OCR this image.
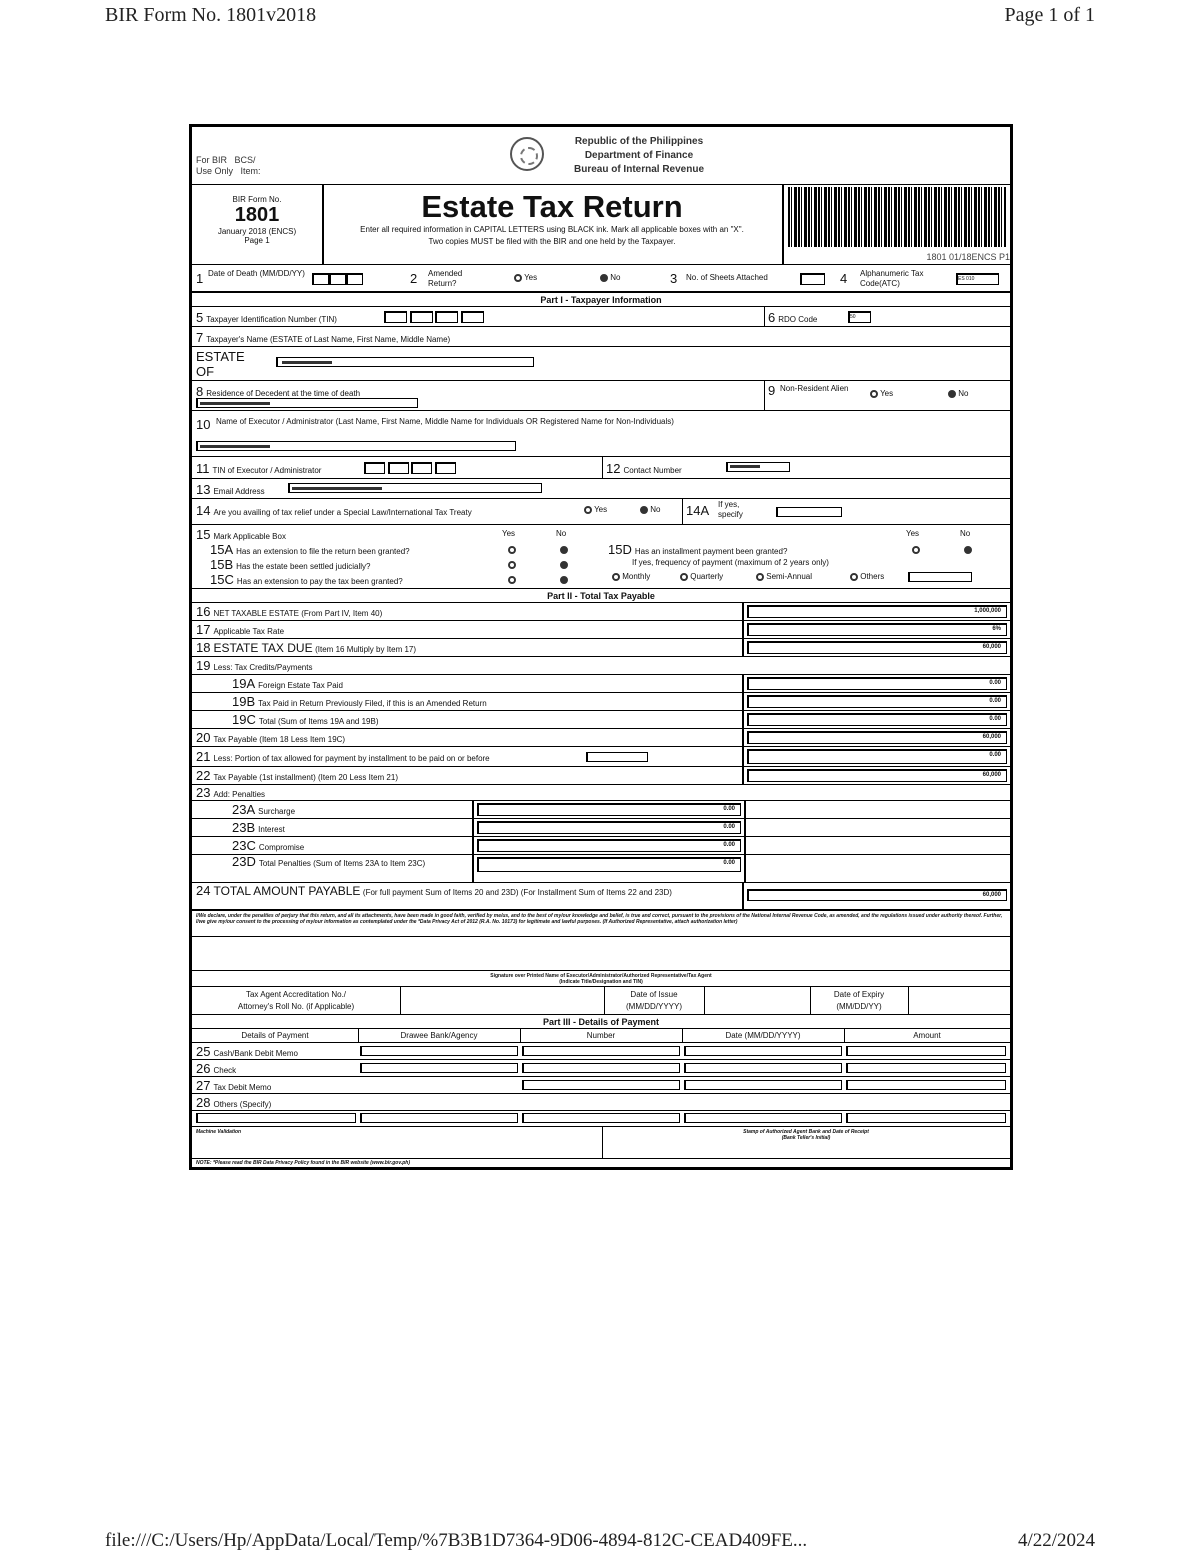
BIR Form No. 1801v2018	Page 1 of 1
For BIR BCS/
Use Only Item:
Republic of the Philippines
Department of Finance
Bureau of Internal Revenue
BIR Form No.
1801
January 2018 (ENCS)
Page 1
Estate Tax Return
Enter all required information in CAPITAL LETTERS using BLACK ink. Mark all applicable boxes with an "X".
Two copies MUST be filed with the BIR and one held by the Taxpayer.
1801 01/18ENCS P1
1 Date of Death (MM/DD/YY)	2	Amended Return?
Yes	No	3	No. of Sheets Attached	4	Alphanumeric Tax Code(ATC)	ES 010
Part I - Taxpayer Information
5 Taxpayer Identification Number (TIN)
	6 RDO Code	50
7 Taxpayer's Name (ESTATE of Last Name, First Name, Middle Name)
ESTATE
OF
8 Residence of Decedent at the time of death	9 Non-Resident Alien
Yes	No
10 Name of Executor / Administrator (Last Name, First Name, Middle Name for Individuals OR Registered Name for Non-Individuals)
11 TIN of Executor / Administrator
	12 Contact Number
13 Email Address
14 Are you availing of tax relief under a Special Law/International Tax Treaty	Yes	No 14A	If yes, specify
15 Mark Applicable Box	Yes	No	Yes	No
15A Has an extension to file the return been granted?
15B Has the estate been settled judicially?
15C Has an extension to pay the tax been granted?
15D Has an installment payment been granted?
If yes, frequency of payment (maximum of 2 years only)
Monthly	Quarterly	Semi-Annual	Others
Part II - Total Tax Payable
16 NET TAXABLE ESTATE (From Part IV, Item 40)	1,000,000
17 Applicable Tax Rate	6%
18 ESTATE TAX DUE (Item 16 Multiply by Item 17)	60,000
19 Less: Tax Credits/Payments
19A Foreign Estate Tax Paid	0.00
19B Tax Paid in Return Previously Filed, if this is an Amended Return	0.00
19C Total (Sum of Items 19A and 19B)	0.00
20 Tax Payable (Item 18 Less Item 19C)	60,000
21 Less: Portion of tax allowed for payment by installment to be paid on or before	0.00
22 Tax Payable (1st installment) (Item 20 Less Item 21)	60,000
23 Add: Penalties
23A Surcharge	0.00
23B Interest	0.00
23C Compromise	0.00
23D Total Penalties (Sum of Items 23A to Item 23C)	0.00
24 TOTAL AMOUNT PAYABLE (For full payment Sum of Items 20 and 23D) (For Installment Sum of Items 22 and 23D)	60,000
I/We declare, under the penalties of perjury that this return, and all its attachments, have been made in good faith, verified by me/us, and to the best of my/our knowledge and belief, is true and correct, pursuant to the provisions of the National Internal Revenue Code, as amended, and the regulations issued under authority thereof. Further, I/we give my/our consent to the processing of my/our information as contemplated under the *Data Privacy Act of 2012 (R.A. No. 10173) for legitimate and lawful purposes. (If Authorized Representative, attach authorization letter)
Signature over Printed Name of Executor/Administrator/Authorized Representative/Tax Agent
(Indicate Title/Designation and TIN)
Tax Agent Accreditation No./
Attorney's Roll No. (if Applicable)
Date of Issue
(MM/DD/YYYY)
Date of Expiry
(MM/DD/YY)
Part III - Details of Payment
Details of Payment	Drawee Bank/Agency	Number	Date (MM/DD/YYYY)	Amount
25 Cash/Bank Debit Memo
26 Check
27 Tax Debit Memo
28 Others (Specify)
Machine Validation	Stamp of Authorized Agent Bank and Date of Receipt
(Bank Teller's Initial)
NOTE: *Please read the BIR Data Privacy Policy found in the BIR website (www.bir.gov.ph)
file:///C:/Users/Hp/AppData/Local/Temp/%7B3B1D7364-9D06-4894-812C-CEAD409FE...	4/22/2024
